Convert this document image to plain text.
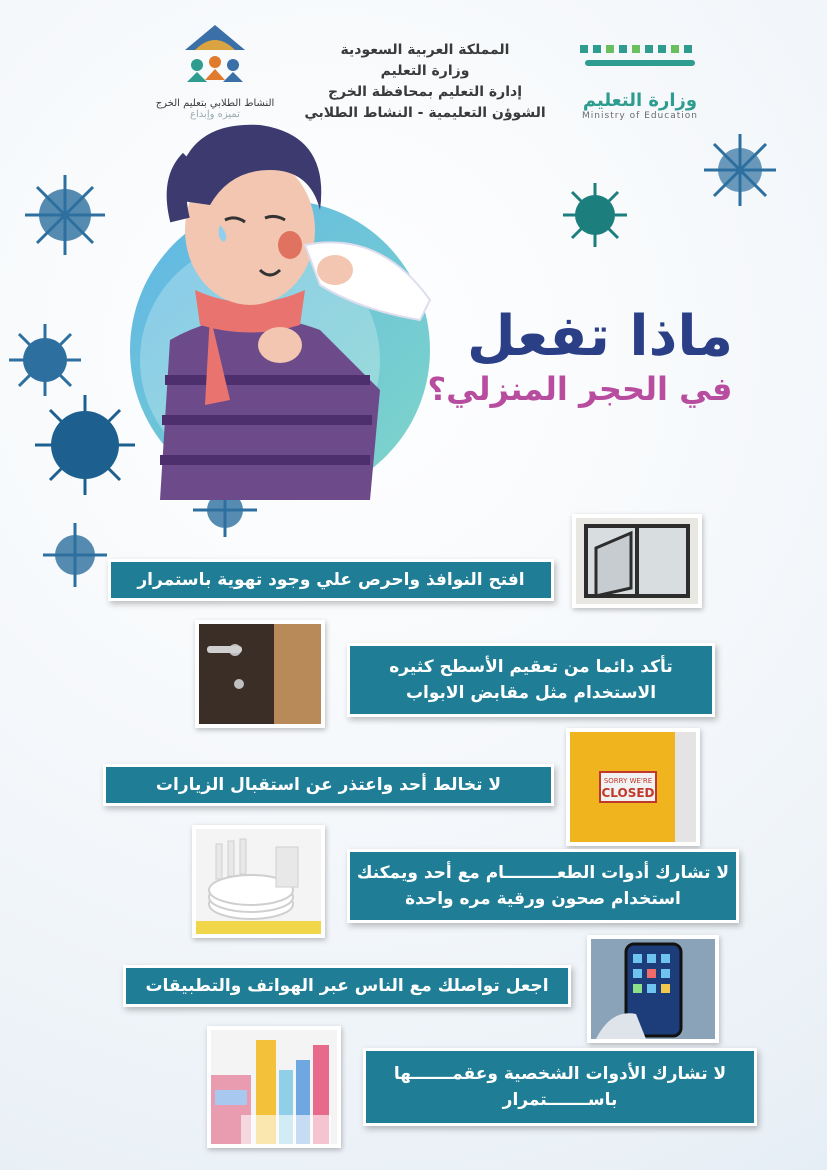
المملكة العربية السعودية
وزارة التعليم
إدارة التعليم بمحافظة الخرج
الشوؤن التعليمية - النشاط الطلابي
وزارة التعليم
Ministry of Education
النشاط الطلابي بتعليم الخرج
تميزه وإبداع
ماذا تفعل
في الحجر المنزلي؟
افتح النوافذ واحرص علي وجود تهوية باستمرار
تأكد دائما من تعقيم الأسطح كثيره الاستخدام مثل مقابض الابواب
SORRY WE'RE
CLOSED
لا تخالط أحد واعتذر عن استقبال الزيارات
لا تشارك أدوات الطعـــــــــام مع أحد ويمكنك استخدام صحون ورقية مره واحدة
اجعل تواصلك مع الناس عبر الهواتف والتطبيقات
لا تشارك الأدوات الشخصية وعقمـــــــها باســـــــتمرار
